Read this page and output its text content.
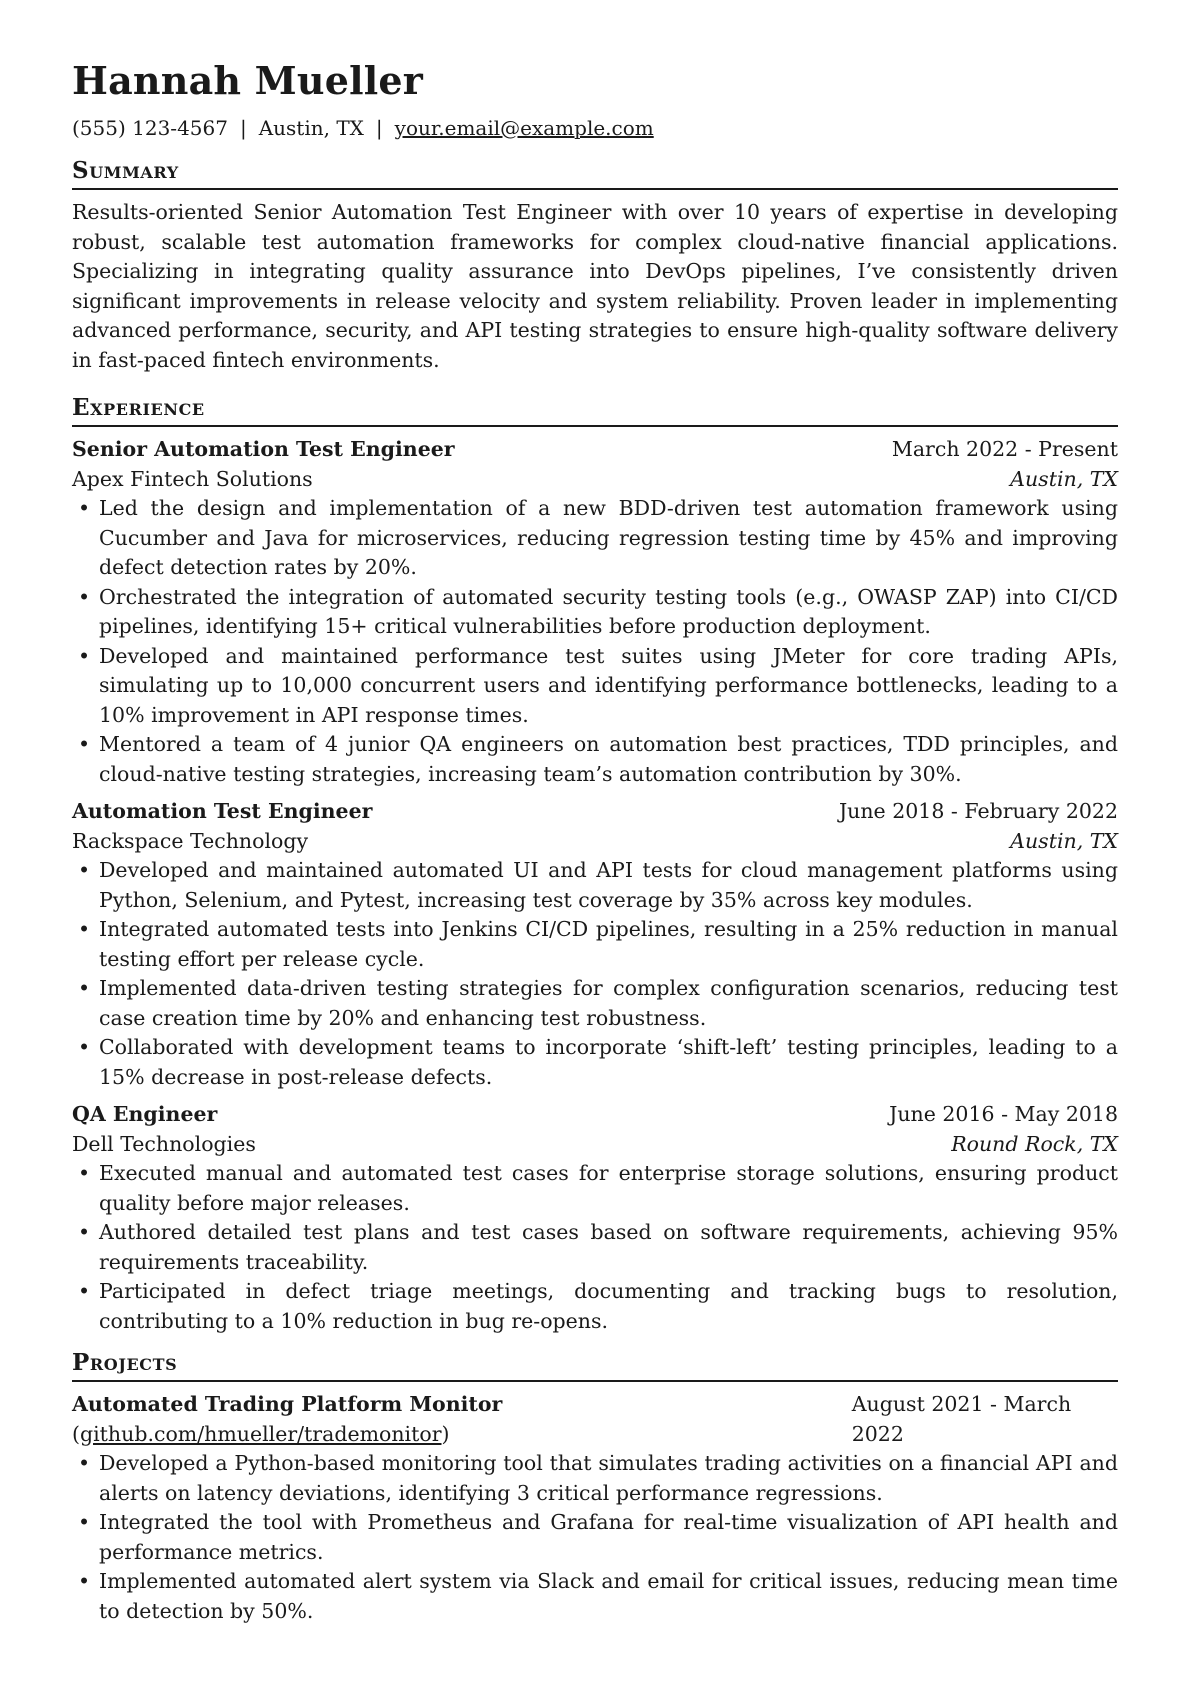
Hannah Mueller
(555) 123-4567 | Austin, TX | your.email@example.com
Summary
Results-oriented Senior Automation Test Engineer with over 10 years of expertise in developing robust, scalable test automation frameworks for complex cloud-native financial applications. Specializing in integrating quality assurance into DevOps pipelines, I’ve consistently driven significant improvements in release velocity and system reliability. Proven leader in implementing advanced performance, security, and API testing strategies to ensure high-quality software delivery in fast-paced fintech environments.
Experience
Senior Automation Test Engineer	March 2022 - Present
Apex Fintech Solutions	Austin, TX
• Led the design and implementation of a new BDD-driven test automation framework using Cucumber and Java for microservices, reducing regression testing time by 45% and improving defect detection rates by 20%.
• Orchestrated the integration of automated security testing tools (e.g., OWASP ZAP) into CI/CD pipelines, identifying 15+ critical vulnerabilities before production deployment.
• Developed and maintained performance test suites using JMeter for core trading APIs, simulating up to 10,000 concurrent users and identifying performance bottlenecks, leading to a 10% improvement in API response times.
• Mentored a team of 4 junior QA engineers on automation best practices, TDD principles, and cloud-native testing strategies, increasing team’s automation contribution by 30%.
Automation Test Engineer	June 2018 - February 2022
Rackspace Technology	Austin, TX
• Developed and maintained automated UI and API tests for cloud management platforms using Python, Selenium, and Pytest, increasing test coverage by 35% across key modules.
• Integrated automated tests into Jenkins CI/CD pipelines, resulting in a 25% reduction in manual testing effort per release cycle.
• Implemented data-driven testing strategies for complex configuration scenarios, reducing test case creation time by 20% and enhancing test robustness.
• Collaborated with development teams to incorporate ‘shift-left’ testing principles, leading to a 15% decrease in post-release defects.
QA Engineer	June 2016 - May 2018
Dell Technologies	Round Rock, TX
• Executed manual and automated test cases for enterprise storage solutions, ensuring product quality before major releases.
• Authored detailed test plans and test cases based on software requirements, achieving 95% requirements traceability.
• Participated in defect triage meetings, documenting and tracking bugs to resolution, contributing to a 10% reduction in bug re-opens.
Projects
Automated Trading Platform Monitor (github.com/hmueller/trademonitor)
August 2021 - March 2022
• Developed a Python-based monitoring tool that simulates trading activities on a financial API and alerts on latency deviations, identifying 3 critical performance regressions.
• Integrated the tool with Prometheus and Grafana for real-time visualization of API health and performance metrics.
• Implemented automated alert system via Slack and email for critical issues, reducing mean time to detection by 50%.
